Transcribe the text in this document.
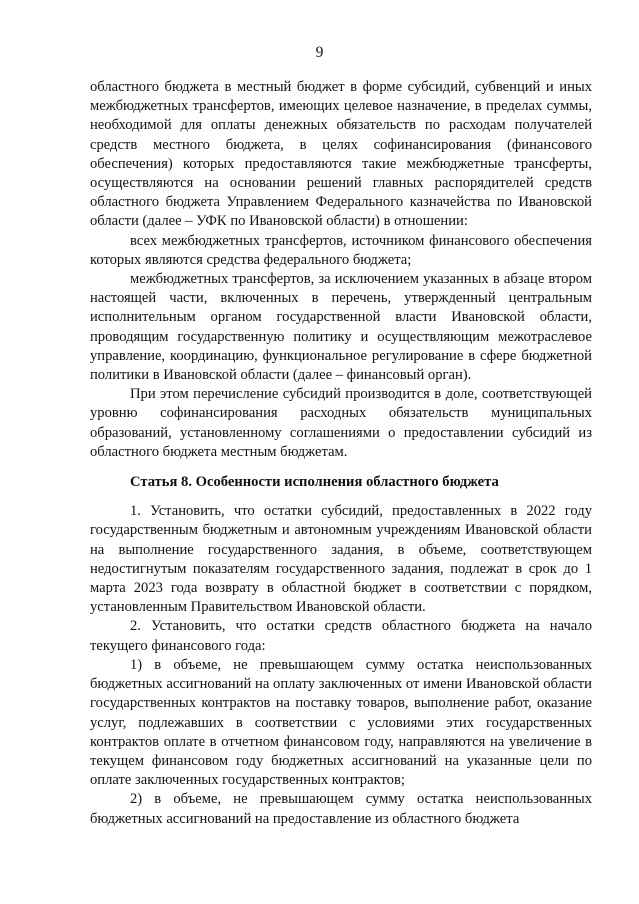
9

областного бюджета в местный бюджет в форме субсидий, субвенций и иных межбюджетных трансфертов, имеющих целевое назначение, в пределах суммы, необходимой для оплаты денежных обязательств по расходам получателей средств местного бюджета, в целях софинансирования (финансового обеспечения) которых предоставляются такие межбюджетные трансферты, осуществляются на основании решений главных распорядителей средств областного бюджета Управлением Федерального казначейства по Ивановской области (далее – УФК по Ивановской области) в отношении:

всех межбюджетных трансфертов, источником финансового обеспечения которых являются средства федерального бюджета;

межбюджетных трансфертов, за исключением указанных в абзаце втором настоящей части, включенных в перечень, утвержденный центральным исполнительным органом государственной власти Ивановской области, проводящим государственную политику и осуществляющим межотраслевое управление, координацию, функциональное регулирование в сфере бюджетной политики в Ивановской области (далее – финансовый орган).

При этом перечисление субсидий производится в доле, соответствующей уровню софинансирования расходных обязательств муниципальных образований, установленному соглашениями о предоставлении субсидий из областного бюджета местным бюджетам.

Статья 8. Особенности исполнения областного бюджета

1. Установить, что остатки субсидий, предоставленных в 2022 году государственным бюджетным и автономным учреждениям Ивановской области на выполнение государственного задания, в объеме, соответствующем недостигнутым показателям государственного задания, подлежат в срок до 1 марта 2023 года возврату в областной бюджет в соответствии с порядком, установленным Правительством Ивановской области.

2. Установить, что остатки средств областного бюджета на начало текущего финансового года:

1) в объеме, не превышающем сумму остатка неиспользованных бюджетных ассигнований на оплату заключенных от имени Ивановской области государственных контрактов на поставку товаров, выполнение работ, оказание услуг, подлежавших в соответствии с условиями этих государственных контрактов оплате в отчетном финансовом году, направляются на увеличение в текущем финансовом году бюджетных ассигнований на указанные цели по оплате заключенных государственных контрактов;

2) в объеме, не превышающем сумму остатка неиспользованных бюджетных ассигнований на предоставление из областного бюджета
